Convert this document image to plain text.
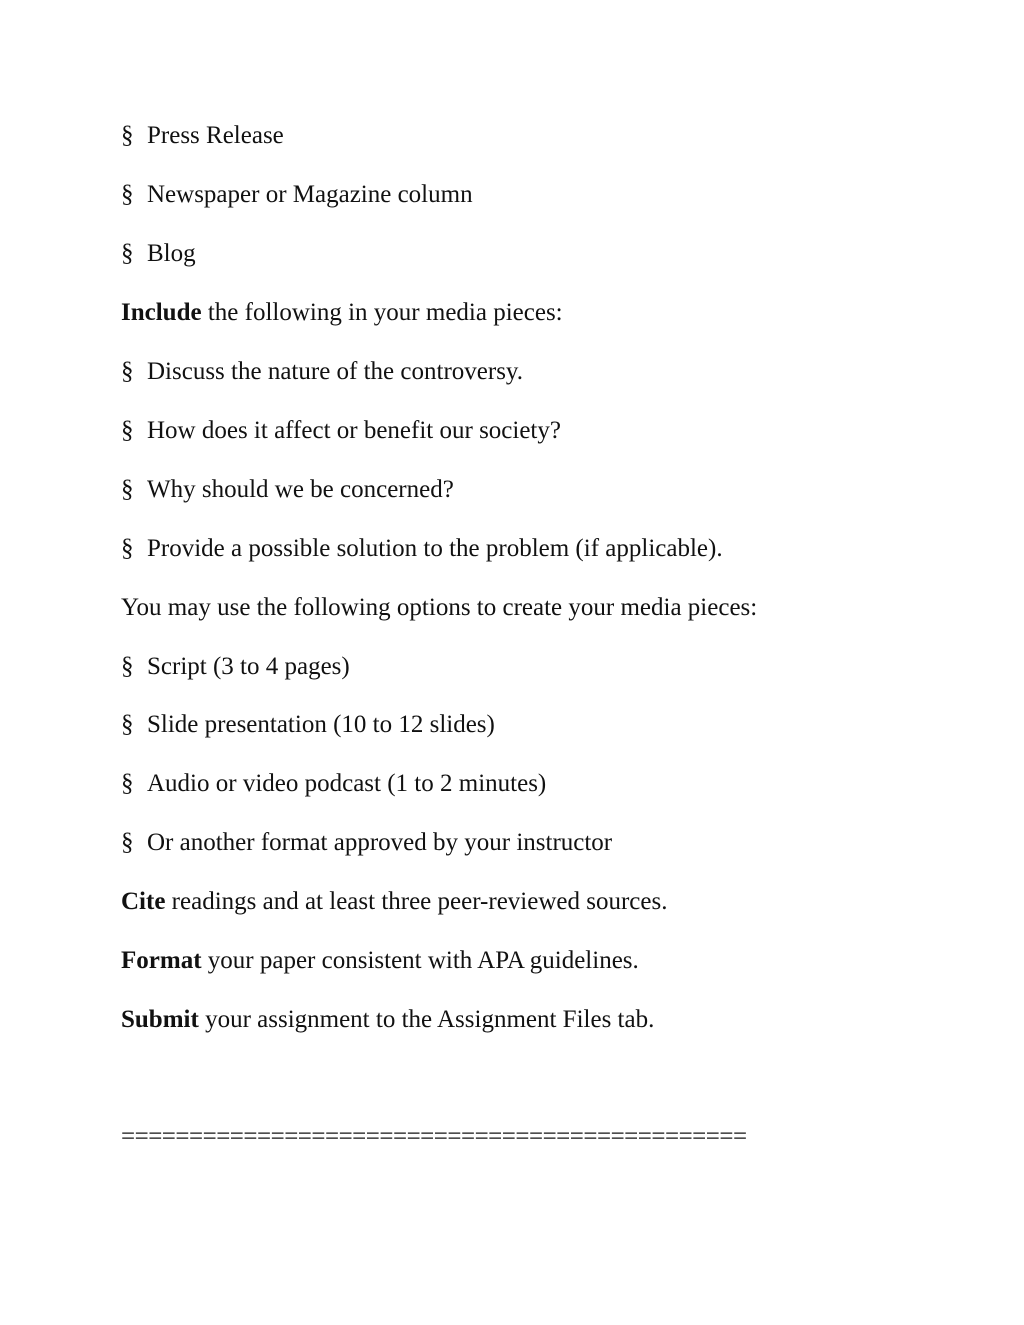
§ Press Release
§ Newspaper or Magazine column
§ Blog
Include the following in your media pieces:
§ Discuss the nature of the controversy.
§ How does it affect or benefit our society?
§ Why should we be concerned?
§ Provide a possible solution to the problem (if applicable).
You may use the following options to create your media pieces:
§ Script (3 to 4 pages)
§ Slide presentation (10 to 12 slides)
§ Audio or video podcast (1 to 2 minutes)
§ Or another format approved by your instructor
Cite readings and at least three peer-reviewed sources.
Format your paper consistent with APA guidelines.
Submit your assignment to the Assignment Files tab.
==============================================
